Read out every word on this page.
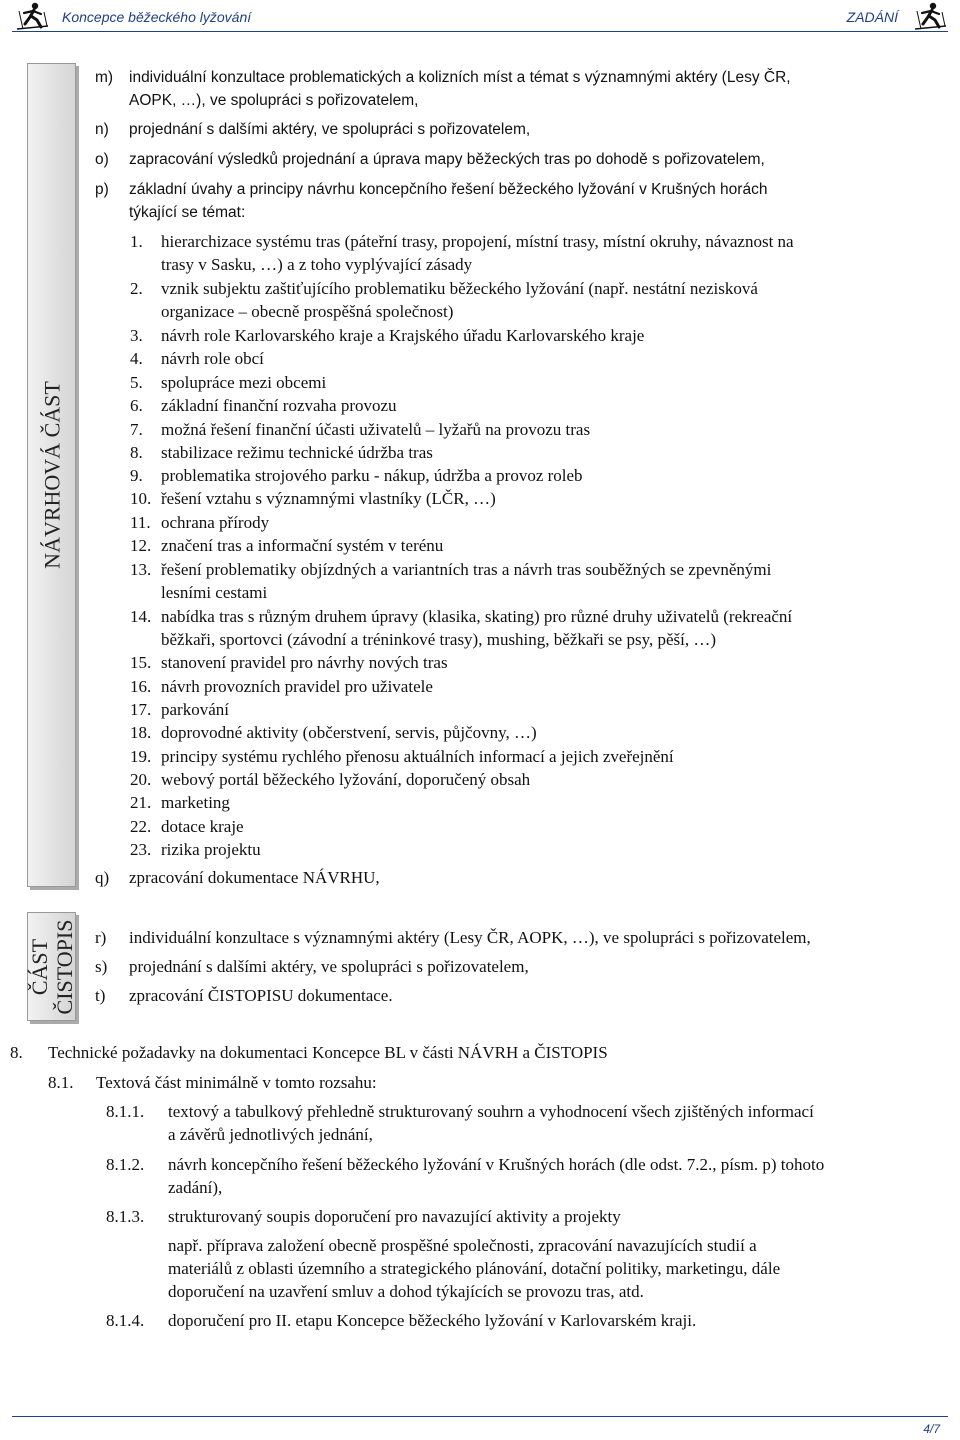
Koncepce běžeckého lyžování	ZADÁNÍ
NÁVRHOVÁ ČÁST
ČÁST ČISTOPIS
m) individuální konzultace problematických a kolizních míst a témat s významnými aktéry (Lesy ČR,
AOPK, …), ve spolupráci s pořizovatelem,
n) projednání s dalšími aktéry, ve spolupráci s pořizovatelem,
o) zapracování výsledků projednání a úprava mapy běžeckých tras po dohodě s pořizovatelem,
p) základní úvahy a principy návrhu koncepčního řešení běžeckého lyžování v Krušných horách
týkající se témat:
1. hierarchizace systému tras (páteřní trasy, propojení, místní trasy, místní okruhy, návaznost na
trasy v Sasku, …) a z toho vyplývající zásady
2. vznik subjektu zaštiťujícího problematiku běžeckého lyžování (např. nestátní nezisková
organizace – obecně prospěšná společnost)
3. návrh role Karlovarského kraje a Krajského úřadu Karlovarského kraje
4. návrh role obcí
5. spolupráce mezi obcemi
6. základní finanční rozvaha provozu
7. možná řešení finanční účasti uživatelů – lyžařů na provozu tras
8. stabilizace režimu technické údržba tras
9. problematika strojového parku - nákup, údržba a provoz roleb
10. řešení vztahu s významnými vlastníky (LČR, …)
11. ochrana přírody
12. značení tras a informační systém v terénu
13. řešení problematiky objízdných a variantních tras a návrh tras souběžných se zpevněnými
lesními cestami
14. nabídka tras s různým druhem úpravy (klasika, skating) pro různé druhy uživatelů (rekreační
běžkaři, sportovci (závodní a tréninkové trasy), mushing, běžkaři se psy, pěší, …)
15. stanovení pravidel pro návrhy nových tras
16. návrh provozních pravidel pro uživatele
17. parkování
18. doprovodné aktivity (občerstvení, servis, půjčovny, …)
19. principy systému rychlého přenosu aktuálních informací a jejich zveřejnění
20. webový portál běžeckého lyžování, doporučený obsah
21. marketing
22. dotace kraje
23. rizika projektu
q) zpracování dokumentace NÁVRHU,
r) individuální konzultace s významnými aktéry (Lesy ČR, AOPK, …), ve spolupráci s pořizovatelem,
s) projednání s dalšími aktéry, ve spolupráci s pořizovatelem,
t) zpracování ČISTOPISU dokumentace.
8. Technické požadavky na dokumentaci Koncepce BL v části NÁVRH a ČISTOPIS
8.1. Textová část minimálně v tomto rozsahu:
8.1.1. textový a tabulkový přehledně strukturovaný souhrn a vyhodnocení všech zjištěných informací
a závěrů jednotlivých jednání,
8.1.2. návrh koncepčního řešení běžeckého lyžování v Krušných horách (dle odst. 7.2., písm. p) tohoto
zadání),
8.1.3. strukturovaný soupis doporučení pro navazující aktivity a projekty
např. příprava založení obecně prospěšné společnosti, zpracování navazujících studií a
materiálů z oblasti územního a strategického plánování, dotační politiky, marketingu, dále
doporučení na uzavření smluv a dohod týkajících se provozu tras, atd.
8.1.4. doporučení pro II. etapu Koncepce běžeckého lyžování v Karlovarském kraji.
4/7
